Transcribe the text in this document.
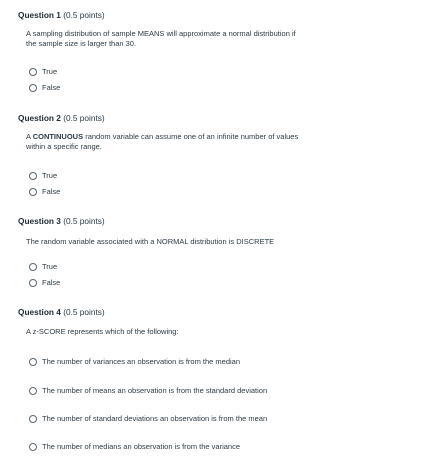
Question 1 (0.5 points)
A sampling distribution of sample MEANS will approximate a normal distribution if
the sample size is larger than 30.
True
False
Question 2 (0.5 points)
A CONTINUOUS random variable can assume one of an infinite number of values
within a specific range.
True
False
Question 3 (0.5 points)
The random variable associated with a NORMAL distribution is DISCRETE
True
False
Question 4 (0.5 points)
A z-SCORE represents which of the following:
The number of variances an observation is from the median
The number of means an observation is from the standard deviation
The number of standard deviations an observation is from the mean
The number of medians an observation is from the variance
